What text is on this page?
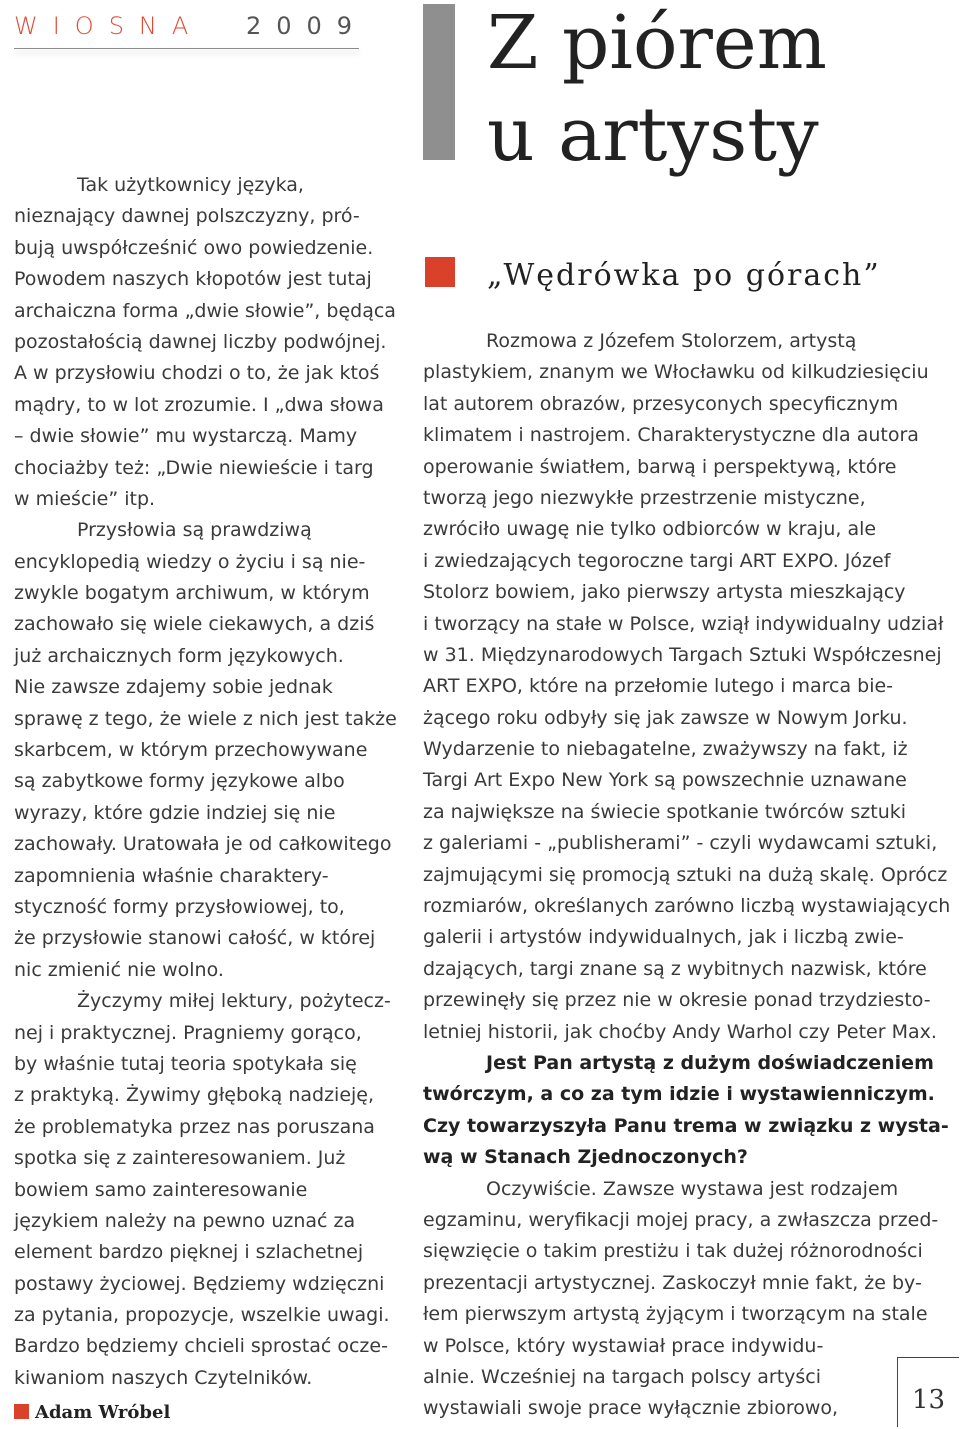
WIOSNA 2009 Z piórem
u artysty
„Wędrówka po górach”
Tak użytkownicy języka,
nieznający dawnej polszczyzny, pró-
bują uwspółcześnić owo powiedzenie.
Powodem naszych kłopotów jest tutaj
archaiczna forma „dwie słowie”, będąca
pozostałością dawnej liczby podwójnej.
A w przysłowiu chodzi o to, że jak ktoś
mądry, to w lot zrozumie. I „dwa słowa
– dwie słowie” mu wystarczą. Mamy
chociażby też: „Dwie niewieście i targ
w mieście” itp.
Przysłowia są prawdziwą
encyklopedią wiedzy o życiu i są nie-
zwykle bogatym archiwum, w którym
zachowało się wiele ciekawych, a dziś
już archaicznych form językowych.
Nie zawsze zdajemy sobie jednak
sprawę z tego, że wiele z nich jest także
skarbcem, w którym przechowywane
są zabytkowe formy językowe albo
wyrazy, które gdzie indziej się nie
zachowały. Uratowała je od całkowitego
zapomnienia właśnie charaktery-
styczność formy przysłowiowej, to,
że przysłowie stanowi całość, w której
nic zmienić nie wolno.
Życzymy miłej lektury, pożytecz-
nej i praktycznej. Pragniemy gorąco,
by właśnie tutaj teoria spotykała się
z praktyką. Żywimy głęboką nadzieję,
że problematyka przez nas poruszana
spotka się z zainteresowaniem. Już
bowiem samo zainteresowanie
językiem należy na pewno uznać za
element bardzo pięknej i szlachetnej
postawy życiowej. Będziemy wdzięczni
za pytania, propozycje, wszelkie uwagi.
Bardzo będziemy chcieli sprostać ocze-
kiwaniom naszych Czytelników.
Adam Wróbel
Rozmowa z Józefem Stolorzem, artystą
plastykiem, znanym we Włocławku od kilkudziesięciu
lat autorem obrazów, przesyconych specyficznym
klimatem i nastrojem. Charakterystyczne dla autora
operowanie światłem, barwą i perspektywą, które
tworzą jego niezwykłe przestrzenie mistyczne,
zwróciło uwagę nie tylko odbiorców w kraju, ale
i zwiedzających tegoroczne targi ART EXPO. Józef
Stolorz bowiem, jako pierwszy artysta mieszkający
i tworzący na stałe w Polsce, wziął indywidualny udział
w 31. Międzynarodowych Targach Sztuki Współczesnej
ART EXPO, które na przełomie lutego i marca bie-
żącego roku odbyły się jak zawsze w Nowym Jorku.
Wydarzenie to niebagatelne, zważywszy na fakt, iż
Targi Art Expo New York są powszechnie uznawane
za największe na świecie spotkanie twórców sztuki
z galeriami - „publisherami” - czyli wydawcami sztuki,
zajmującymi się promocją sztuki na dużą skalę. Oprócz
rozmiarów, określanych zarówno liczbą wystawiających
galerii i artystów indywidualnych, jak i liczbą zwie-
dzających, targi znane są z wybitnych nazwisk, które
przewinęły się przez nie w okresie ponad trzydziesto-
letniej historii, jak choćby Andy Warhol czy Peter Max.
Jest Pan artystą z dużym doświadczeniem
twórczym, a co za tym idzie i wystawienniczym.
Czy towarzyszyła Panu trema w związku z wysta-
wą w Stanach Zjednoczonych?
Oczywiście. Zawsze wystawa jest rodzajem
egzaminu, weryfikacji mojej pracy, a zwłaszcza przed-
sięwzięcie o takim prestiżu i tak dużej różnorodności
prezentacji artystycznej. Zaskoczył mnie fakt, że by-
łem pierwszym artystą żyjącym i tworzącym na stale
w Polsce, który wystawiał prace indywidu-
alnie. Wcześniej na targach polscy artyści
wystawiali swoje prace wyłącznie zbiorowo,	13
